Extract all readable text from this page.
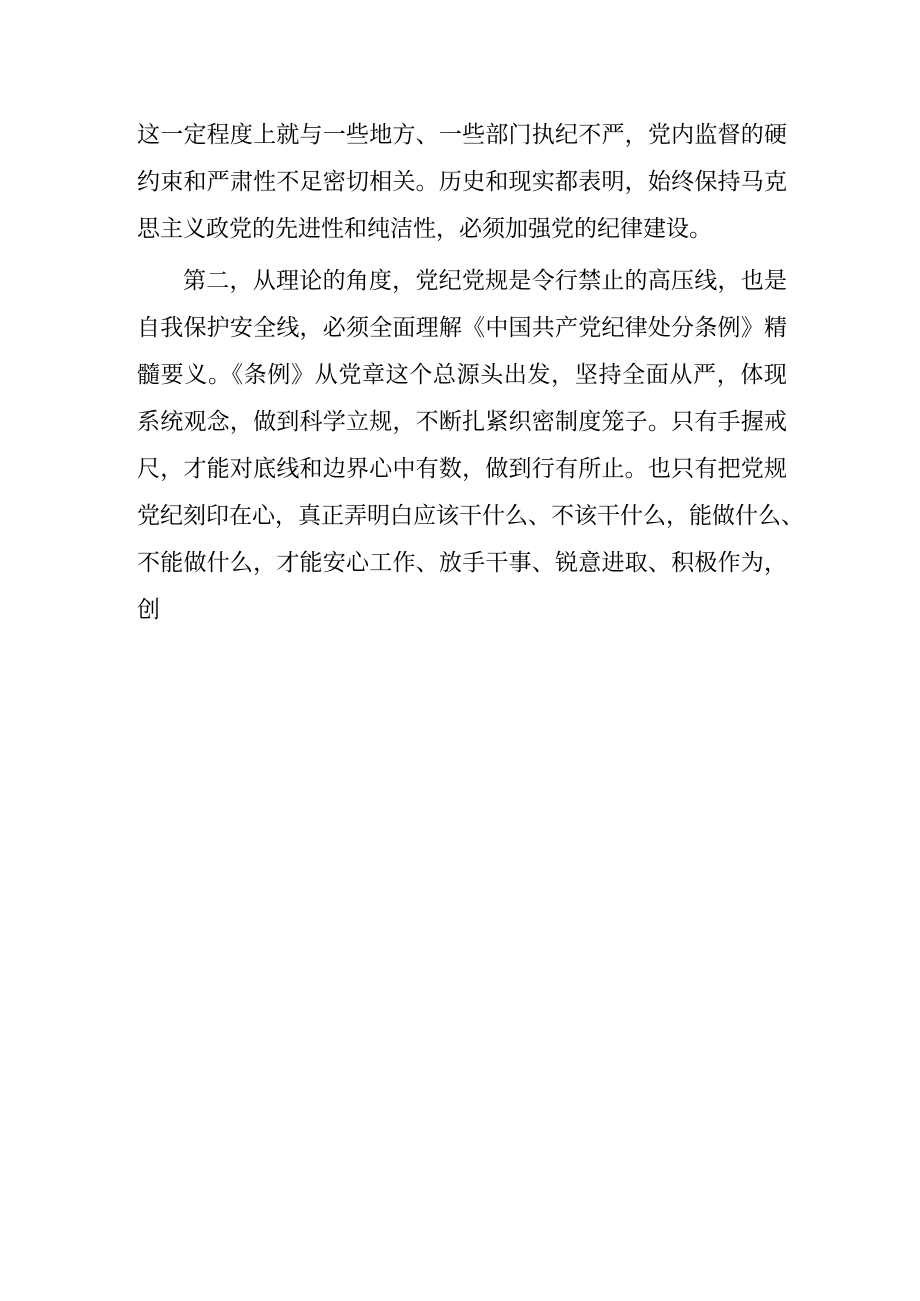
这一定程度上就与一些地方、一些部门执纪不严，党内监督的硬
约束和严肃性不足密切相关。历史和现实都表明，始终保持马克
思主义政党的先进性和纯洁性，必须加强党的纪律建设。
第二，从理论的角度，党纪党规是令行禁止的高压线，也是
自我保护安全线，必须全面理解《中国共产党纪律处分条例》精
髓要义。《条例》从党章这个总源头出发，坚持全面从严，体现
系统观念，做到科学立规，不断扎紧织密制度笼子。只有手握戒
尺，才能对底线和边界心中有数，做到行有所止。也只有把党规
党纪刻印在心，真正弄明白应该干什么、不该干什么，能做什么、
不能做什么，才能安心工作、放手干事、锐意进取、积极作为，
创
